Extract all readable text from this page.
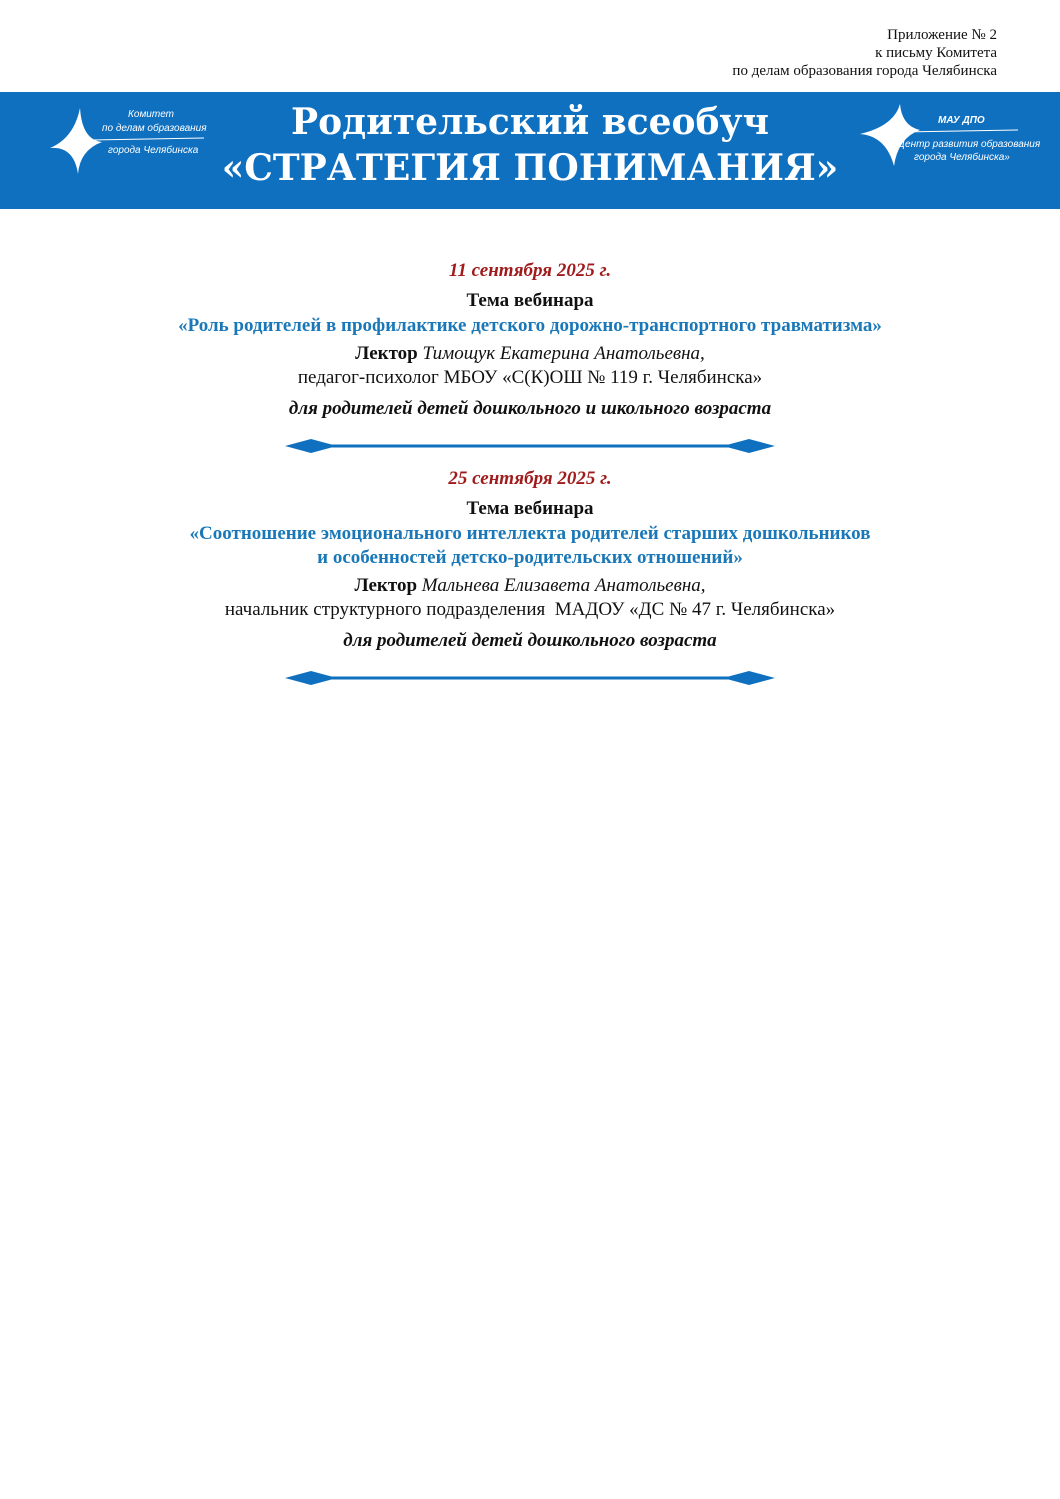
Приложение № 2
к письму Комитета
по делам образования города Челябинска
Комитет
по делам образования
города Челябинска
Родительский всеобуч
«СТРАТЕГИЯ ПОНИМАНИЯ»
МАУ ДПО
«Центр развития образования
города Челябинска»
11 сентября 2025 г.
Тема вебинара
«Роль родителей в профилактике детского дорожно-транспортного травматизма»
Лектор Тимощук Екатерина Анатольевна,
педагог-психолог МБОУ «С(К)ОШ № 119 г. Челябинска»
для родителей детей дошкольного и школьного возраста
25 сентября 2025 г.
Тема вебинара
«Соотношение эмоционального интеллекта родителей старших дошкольников
и особенностей детско-родительских отношений»
Лектор Мальнева Елизавета Анатольевна,
начальник структурного подразделения  МАДОУ «ДС № 47 г. Челябинска»
для родителей детей дошкольного возраста
